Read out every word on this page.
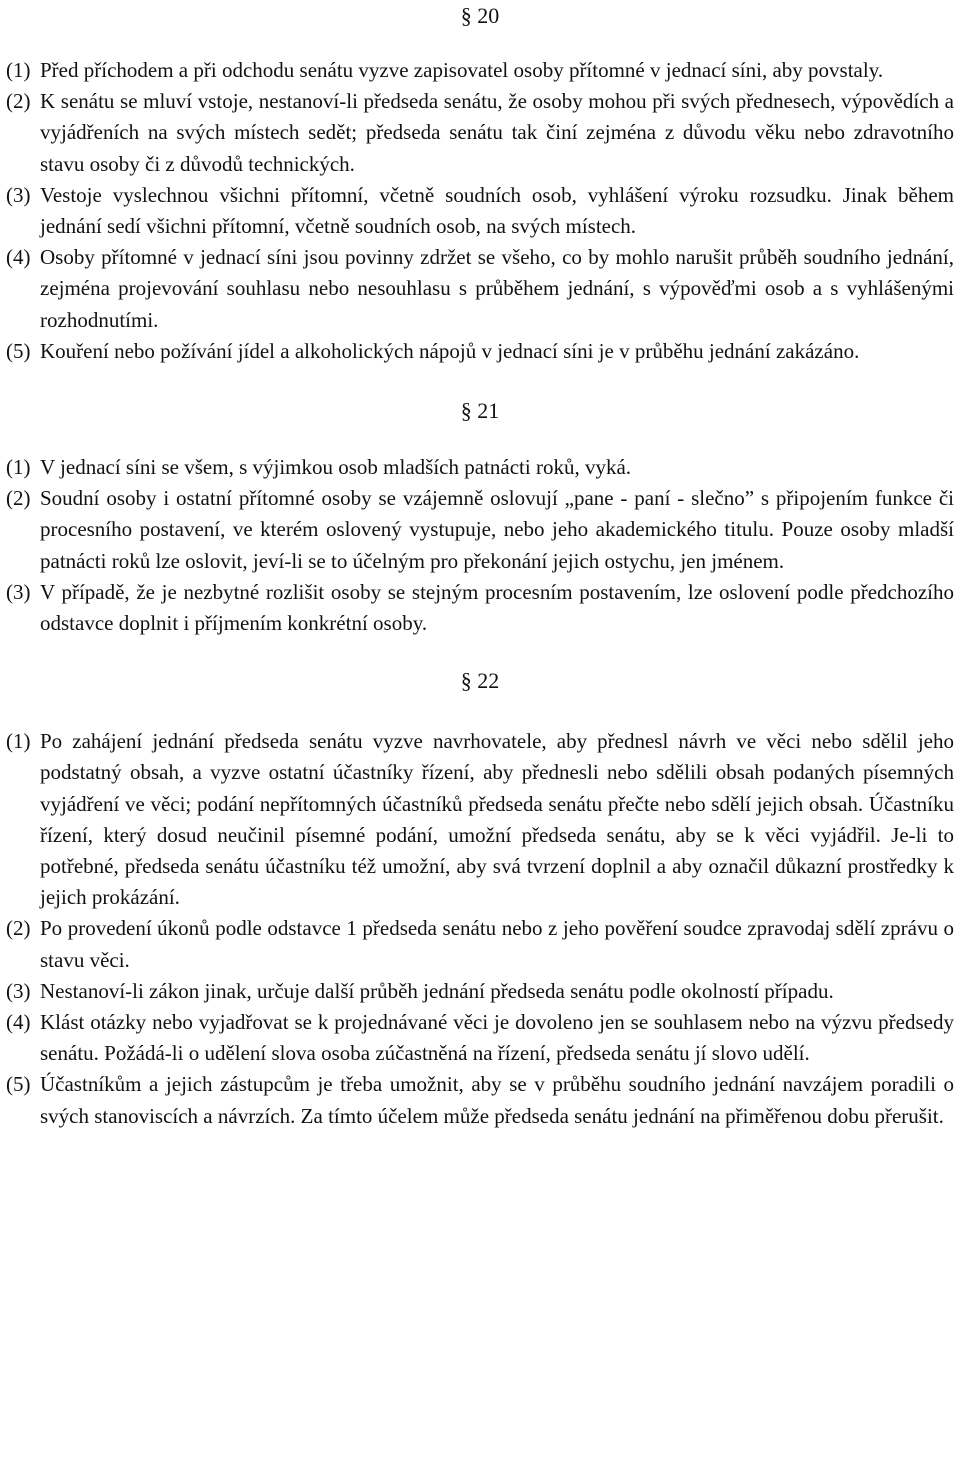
§ 20
(1) Před příchodem a při odchodu senátu vyzve zapisovatel osoby přítomné v jednací síni, aby povstaly.
(2) K senátu se mluví vstoje, nestanoví-li předseda senátu, že osoby mohou při svých přednesech, výpovědích a vyjádřeních na svých místech sedět; předseda senátu tak činí zejména z důvodu věku nebo zdravotního stavu osoby či z důvodů technických.
(3) Vestoje vyslechnou všichni přítomní, včetně soudních osob, vyhlášení výroku rozsudku. Jinak během jednání sedí všichni přítomní, včetně soudních osob, na svých místech.
(4) Osoby přítomné v jednací síni jsou povinny zdržet se všeho, co by mohlo narušit průběh soudního jednání, zejména projevování souhlasu nebo nesouhlasu s průběhem jednání, s výpověďmi osob a s vyhlášenými rozhodnutími.
(5) Kouření nebo požívání jídel a alkoholických nápojů v jednací síni je v průběhu jednání zakázáno.
§ 21
(1) V jednací síni se všem, s výjimkou osob mladších patnácti roků, vyká.
(2) Soudní osoby i ostatní přítomné osoby se vzájemně oslovují „pane - paní - slečno” s připojením funkce či procesního postavení, ve kterém oslovený vystupuje, nebo jeho akademického titulu. Pouze osoby mladší patnácti roků lze oslovit, jeví-li se to účelným pro překonání jejich ostychu, jen jménem.
(3) V případě, že je nezbytné rozlišit osoby se stejným procesním postavením, lze oslovení podle předchozího odstavce doplnit i příjmením konkrétní osoby.
§ 22
(1) Po zahájení jednání předseda senátu vyzve navrhovatele, aby přednesl návrh ve věci nebo sdělil jeho podstatný obsah, a vyzve ostatní účastníky řízení, aby přednesli nebo sdělili obsah podaných písemných vyjádření ve věci; podání nepřítomných účastníků předseda senátu přečte nebo sdělí jejich obsah. Účastníku řízení, který dosud neučinil písemné podání, umožní předseda senátu, aby se k věci vyjádřil. Je-li to potřebné, předseda senátu účastníku též umožní, aby svá tvrzení doplnil a aby označil důkazní prostředky k jejich prokázání.
(2) Po provedení úkonů podle odstavce 1 předseda senátu nebo z jeho pověření soudce zpravodaj sdělí zprávu o stavu věci.
(3) Nestanoví-li zákon jinak, určuje další průběh jednání předseda senátu podle okolností případu.
(4) Klást otázky nebo vyjadřovat se k projednávané věci je dovoleno jen se souhlasem nebo na výzvu předsedy senátu. Požádá-li o udělení slova osoba zúčastněná na řízení, předseda senátu jí slovo udělí.
(5) Účastníkům a jejich zástupcům je třeba umožnit, aby se v průběhu soudního jednání navzájem poradili o svých stanoviscích a návrzích. Za tímto účelem může předseda senátu jednání na přiměřenou dobu přerušit.
